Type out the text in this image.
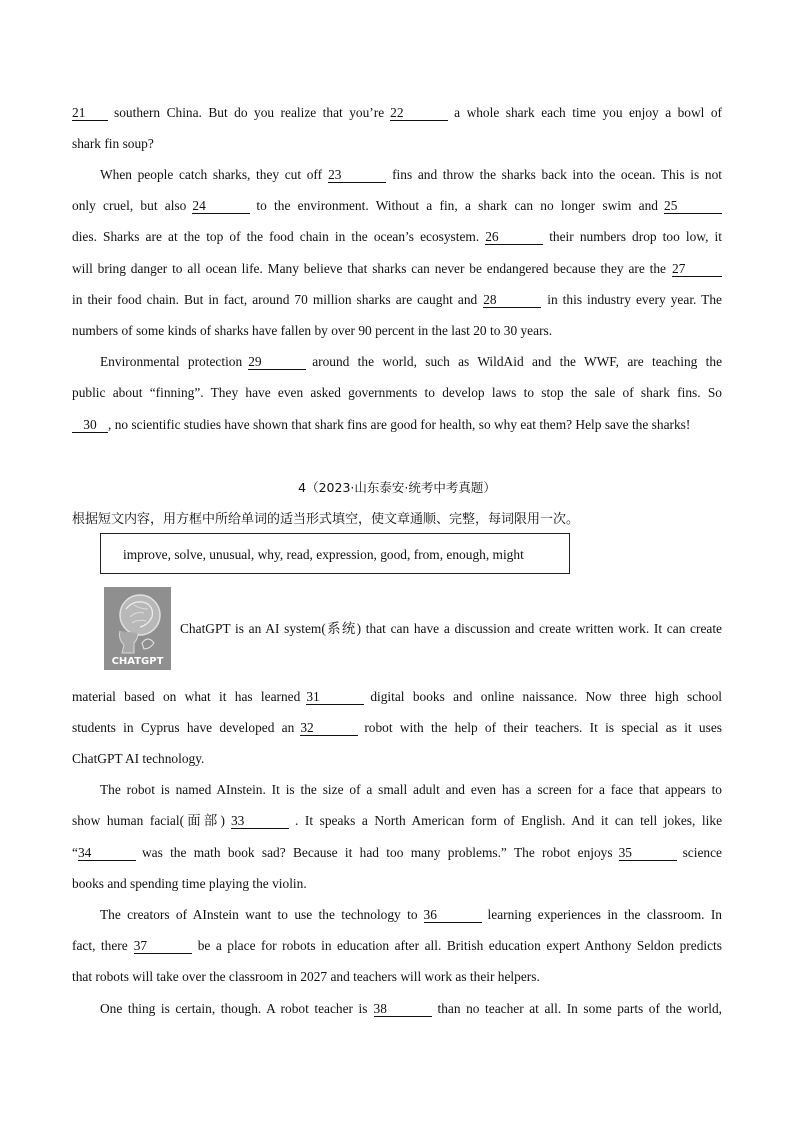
21 southern China. But do you realize that you’re 22	a whole shark each time you enjoy a bowl of
shark fin soup?
When people catch sharks, they cut off 23	fins and throw the sharks back into the ocean. This is not
only cruel, but also 24	to the environment. Without a fin, a shark can no longer swim and 25
dies. Sharks are at the top of the food chain in the ocean’s ecosystem. 26	their numbers drop too low, it
will bring danger to all ocean life. Many believe that sharks can never be endangered because they are the 27
in their food chain. But in fact, around 70 million sharks are caught and 28	in this industry every year. The
numbers of some kinds of sharks have fallen by over 90 percent in the last 20 to 30 years.
Environmental protection 29	around the world, such as WildAid and the WWF, are teaching the
public about “finning”. They have even asked governments to develop laws to stop the sale of shark fins. So
30 , no scientific studies have shown that shark fins are good for health, so why eat them? Help save the sharks!
4（2023·山东泰安·统考中考真题）
根据短文内容，用方框中所给单词的适当形式填空，使文章通顺、完整，每词限用一次。
improve, solve, unusual, why, read, expression, good, from, enough, might
CHATGPT
ChatGPT is an AI system(系统) that can have a discussion and create written work. It can create
material based on what it has learned 31	digital books and online naissance. Now three high school
students in Cyprus have developed an 32	robot with the help of their teachers. It is special as it uses
ChatGPT AI technology.
The robot is named AInstein. It is the size of a small adult and even has a screen for a face that appears to
show human facial(面部) 33	. It speaks a North American form of English. And it can tell jokes, like
“34	was the math book sad? Because it had too many problems.” The robot enjoys 35	science
books and spending time playing the violin.
The creators of AInstein want to use the technology to 36	learning experiences in the classroom. In
fact, there 37	be a place for robots in education after all. British education expert Anthony Seldon predicts
that robots will take over the classroom in 2027 and teachers will work as their helpers.
One thing is certain, though. A robot teacher is 38	than no teacher at all. In some parts of the world,
